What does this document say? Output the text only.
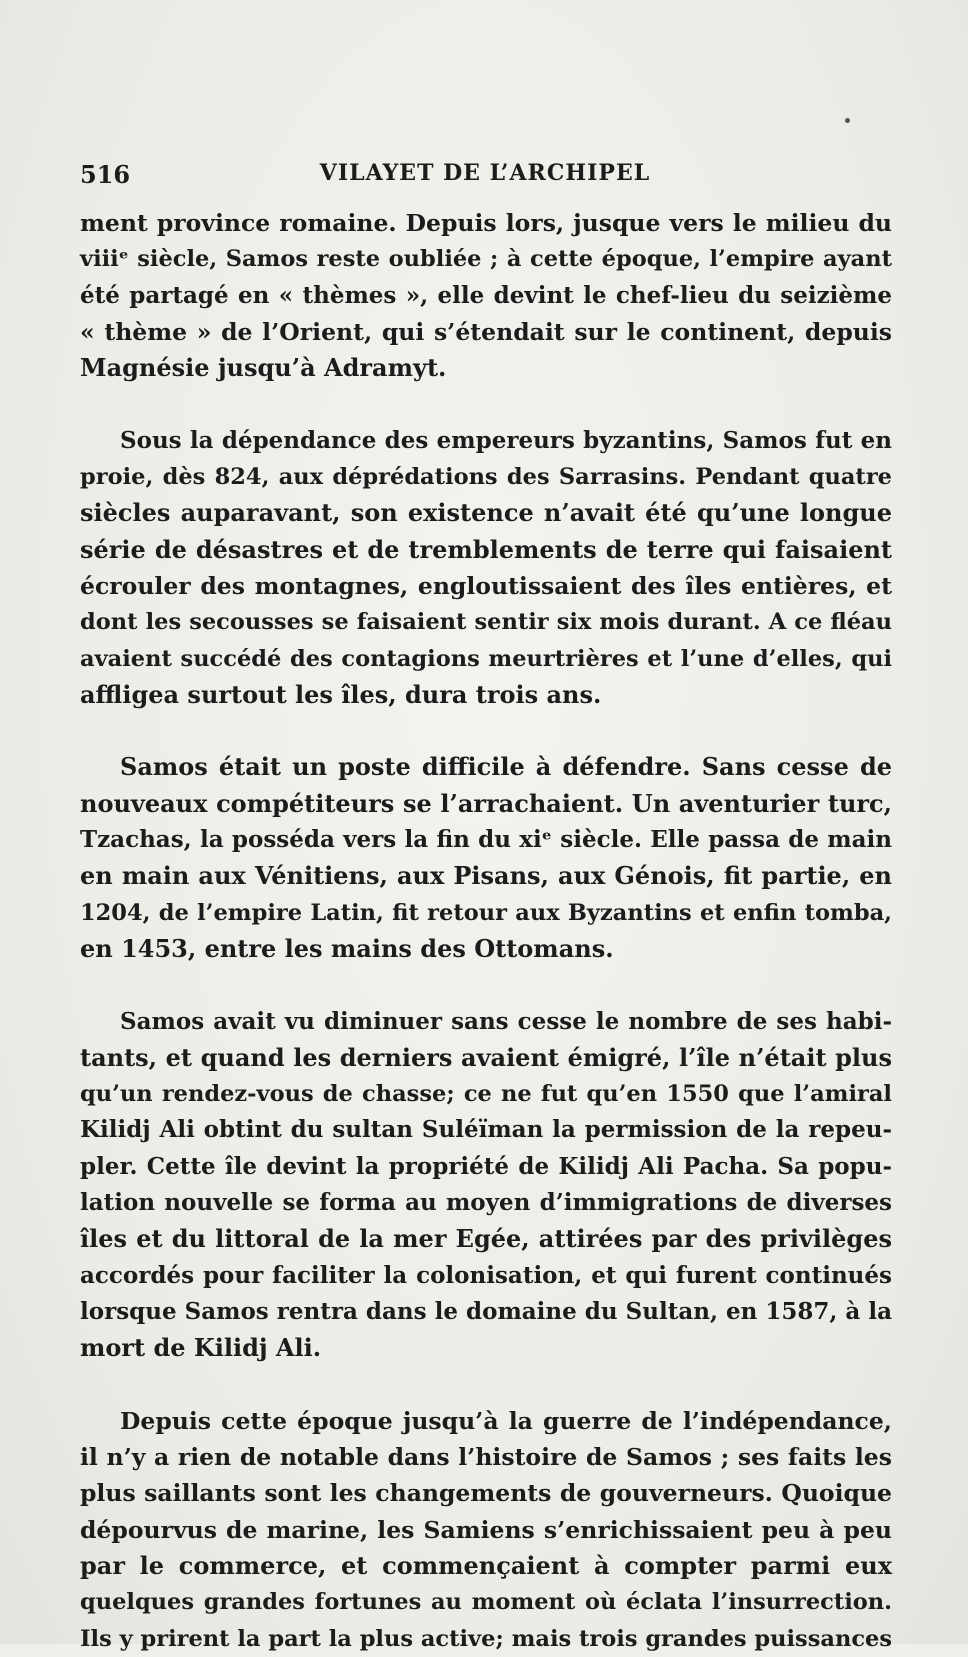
516	VILAYET DE L’ARCHIPEL
ment province romaine. Depuis lors, jusque vers le milieu du
viiiᵉ siècle, Samos reste oubliée ; à cette époque, l’empire ayant
été partagé en « thèmes », elle devint le chef-lieu du seizième
« thème » de l’Orient, qui s’étendait sur le continent, depuis
Magnésie jusqu’à Adramyt.
Sous la dépendance des empereurs byzantins, Samos fut en
proie, dès 824, aux déprédations des Sarrasins. Pendant quatre
siècles auparavant, son existence n’avait été qu’une longue
série de désastres et de tremblements de terre qui faisaient
écrouler des montagnes, engloutissaient des îles entières, et
dont les secousses se faisaient sentir six mois durant. A ce fléau
avaient succédé des contagions meurtrières et l’une d’elles, qui
affligea surtout les îles, dura trois ans.
Samos était un poste difficile à défendre. Sans cesse de
nouveaux compétiteurs se l’arrachaient. Un aventurier turc,
Tzachas, la posséda vers la fin du xiᵉ siècle. Elle passa de main
en main aux Vénitiens, aux Pisans, aux Génois, fit partie, en
1204, de l’empire Latin, fit retour aux Byzantins et enfin tomba,
en 1453, entre les mains des Ottomans.
Samos avait vu diminuer sans cesse le nombre de ses habi-
tants, et quand les derniers avaient émigré, l’île n’était plus
qu’un rendez-vous de chasse; ce ne fut qu’en 1550 que l’amiral
Kilidj Ali obtint du sultan Suléïman la permission de la repeu-
pler. Cette île devint la propriété de Kilidj Ali Pacha. Sa popu-
lation nouvelle se forma au moyen d’immigrations de diverses
îles et du littoral de la mer Egée, attirées par des privilèges
accordés pour faciliter la colonisation, et qui furent continués
lorsque Samos rentra dans le domaine du Sultan, en 1587, à la
mort de Kilidj Ali.
Depuis cette époque jusqu’à la guerre de l’indépendance,
il n’y a rien de notable dans l’histoire de Samos ; ses faits les
plus saillants sont les changements de gouverneurs. Quoique
dépourvus de marine, les Samiens s’enrichissaient peu à peu
par le commerce, et commençaient à compter parmi eux
quelques grandes fortunes au moment où éclata l’insurrection.
Ils y prirent la part la plus active; mais trois grandes puissances
